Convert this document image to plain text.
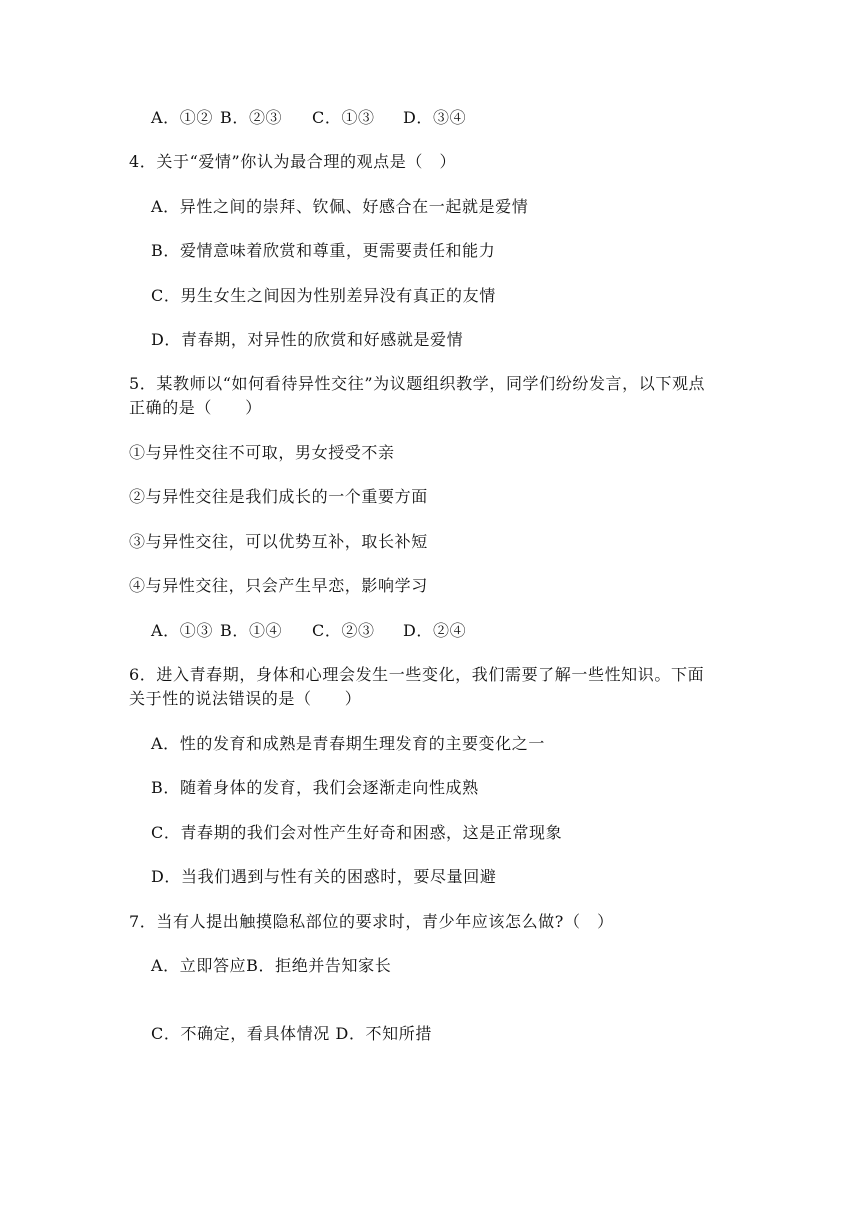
A．①② B．②③ C．①③ D．③④
4．关于“爱情”你认为最合理的观点是（　）
A．异性之间的崇拜、钦佩、好感合在一起就是爱情
B．爱情意味着欣赏和尊重，更需要责任和能力
C．男生女生之间因为性别差异没有真正的友情
D．青春期，对异性的欣赏和好感就是爱情
5．某教师以“如何看待异性交往”为议题组织教学，同学们纷纷发言，以下观点
正确的是（　　）
①与异性交往不可取，男女授受不亲
②与异性交往是我们成长的一个重要方面
③与异性交往，可以优势互补，取长补短
④与异性交往，只会产生早恋，影响学习
A．①③ B．①④ C．②③ D．②④
6．进入青春期，身体和心理会发生一些变化，我们需要了解一些性知识。下面
关于性的说法错误的是（　　）
A．性的发育和成熟是青春期生理发育的主要变化之一
B．随着身体的发育，我们会逐渐走向性成熟
C．青春期的我们会对性产生好奇和困惑，这是正常现象
D．当我们遇到与性有关的困惑时，要尽量回避
7．当有人提出触摸隐私部位的要求时，青少年应该怎么做?（　）
A．立即答应B．拒绝并告知家长
C．不确定，看具体情况 D．不知所措
